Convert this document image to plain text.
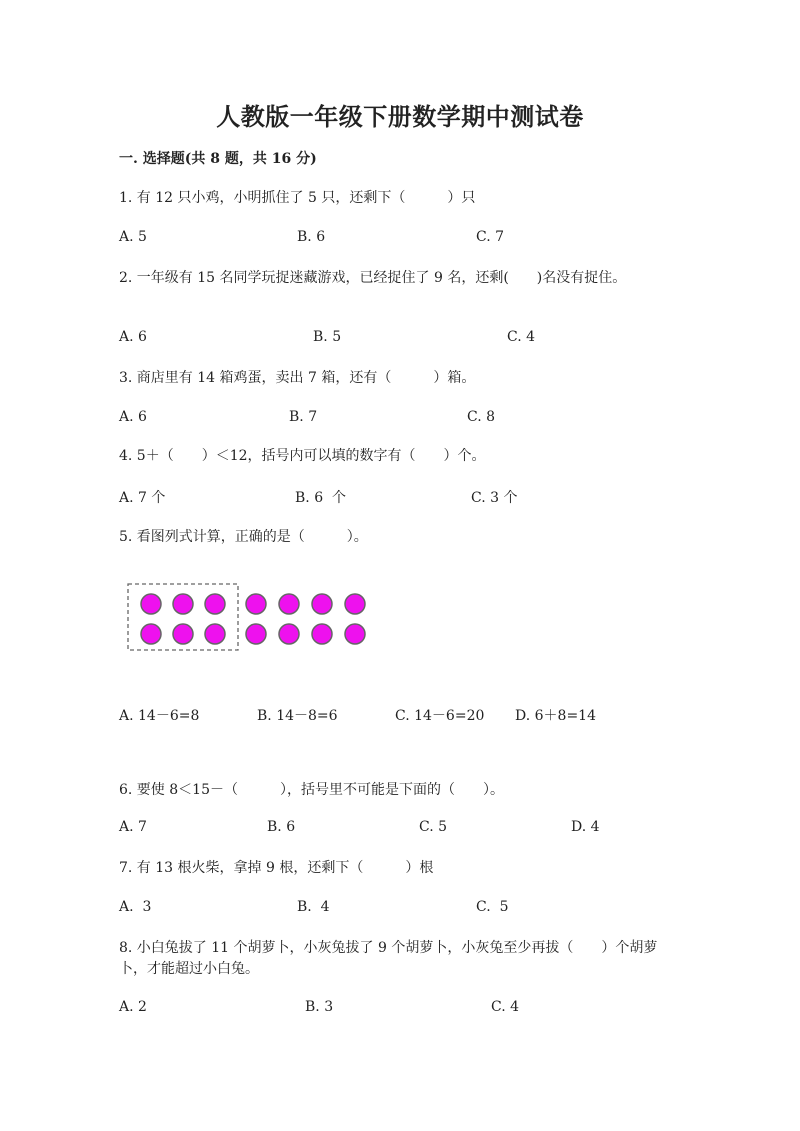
人教版一年级下册数学期中测试卷
一. 选择题(共 8 题，共 16 分)
1. 有 12 只小鸡，小明抓住了 5 只，还剩下（　　　）只
A. 5	B. 6	C. 7
2. 一年级有 15 名同学玩捉迷藏游戏，已经捉住了 9 名，还剩(　　)名没有捉住。
A. 6	B. 5	C. 4
3. 商店里有 14 箱鸡蛋，卖出 7 箱，还有（　　　）箱。
A. 6	B. 7	C. 8
4. 5＋（　　）＜12，括号内可以填的数字有（　　）个。
A. 7 个	B. 6  个	C. 3 个
5. 看图列式计算，正确的是（　　　）。
A. 14－6=8	B. 14－8=6	C. 14－6=20 D. 6＋8=14
6. 要使 8＜15－（　　　），括号里不可能是下面的（　　）。
A. 7	B. 6	C. 5	D. 4
7. 有 13 根火柴，拿掉 9 根，还剩下（　　　）根
A.  3	B.  4	C.  5
8. 小白兔拔了 11 个胡萝卜，小灰兔拔了 9 个胡萝卜，小灰兔至少再拔（　　）个胡萝卜，才能超过小白兔。
A. 2	B. 3	C. 4
